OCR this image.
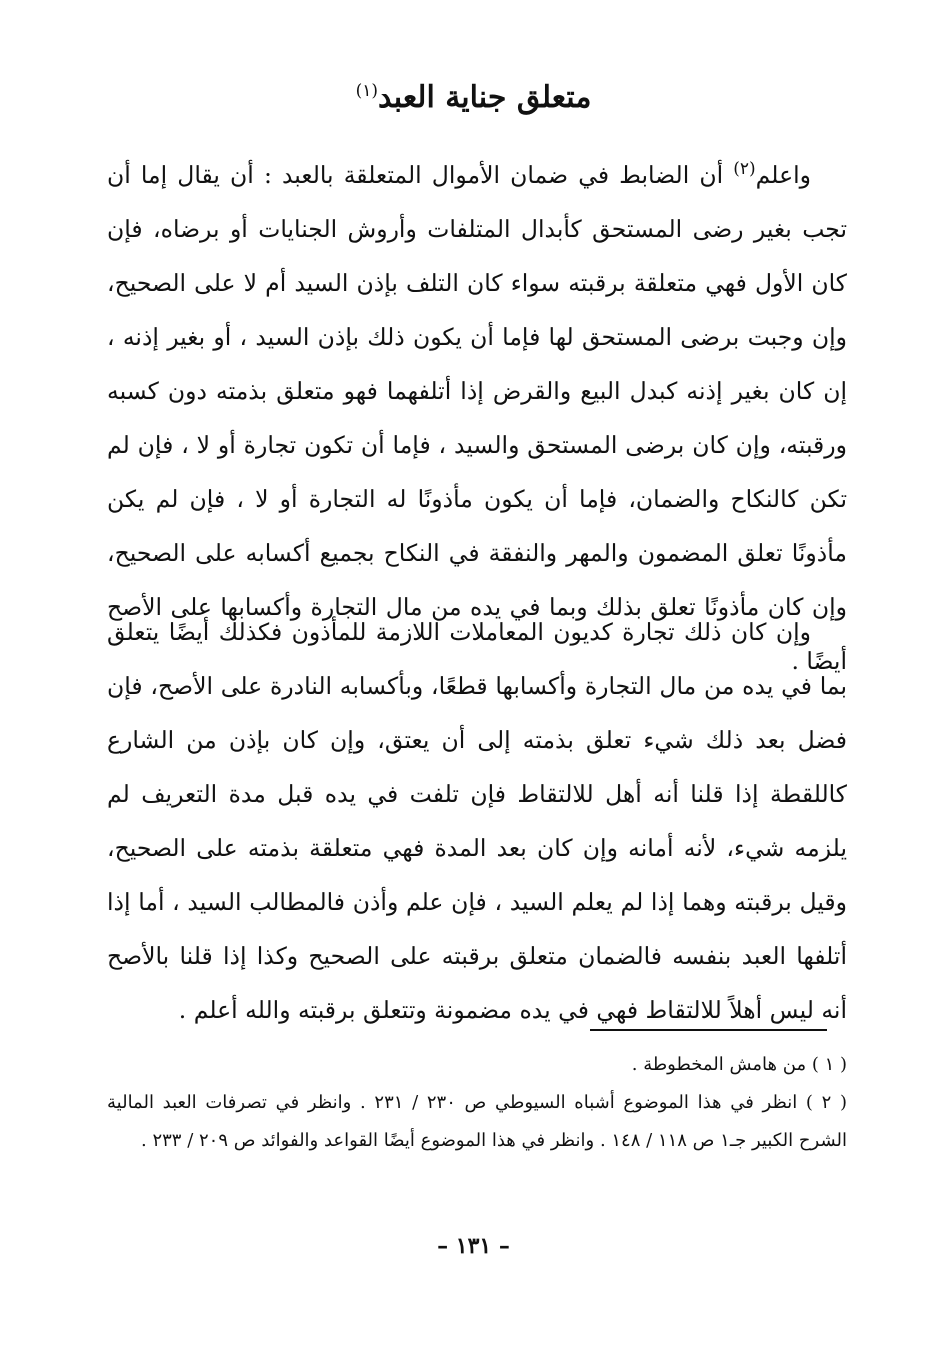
متعلق جناية العبد$^{(١)}$

واعلم$^{(٢)}$ أن الضابط في ضمان الأموال المتعلقة بالعبد : أن يقال إما أن تجب بغير رضى المستحق كأبدال المتلفات وأروش الجنايات أو برضاه، فإن كان الأول فهي متعلقة برقبته سواء كان التلف بإذن السيد أم لا على الصحيح، وإن وجبت برضى المستحق لها فإما أن يكون ذلك بإذن السيد ، أو بغير إذنه ، إن كان بغير إذنه كبدل البيع والقرض إذا أتلفهما فهو متعلق بذمته دون كسبه ورقبته، وإن كان برضى المستحق والسيد ، فإما أن تكون تجارة أو لا ، فإن لم تكن كالنكاح والضمان، فإما أن يكون مأذونًا له التجارة أو لا ، فإن لم يكن مأذونًا تعلق المضمون والمهر والنفقة في النكاح بجميع أكسابه على الصحيح، وإن كان مأذونًا تعلق بذلك وبما في يده من مال التجارة وأكسابها على الأصح أيضًا .

وإن كان ذلك تجارة كديون المعاملات اللازمة للمأذون فكذلك أيضًا يتعلق بما في يده من مال التجارة وأكسابها قطعًا، وبأكسابه النادرة على الأصح، فإن فضل بعد ذلك شيء تعلق بذمته إلى أن يعتق، وإن كان بإذن من الشارع كاللقطة إذا قلنا أنه أهل للالتقاط فإن تلفت في يده قبل مدة التعريف لم يلزمه شيء، لأنه أمانه وإن كان بعد المدة فهي متعلقة بذمته على الصحيح، وقيل برقبته وهما إذا لم يعلم السيد ، فإن علم وأذن فالمطالب السيد ، أما إذا أتلفها العبد بنفسه فالضمان متعلق برقبته على الصحيح وكذا إذا قلنا بالأصح أنه ليس أهلاً للالتقاط فهي في يده مضمونة وتتعلق برقبته والله أعلم .

( ١ ) من هامش المخطوطة .

( ٢ ) انظر في هذا الموضوع أشباه السيوطي ص ٢٣٠ / ٢٣١ . وانظر في تصرفات العبد المالية الشرح الكبير جـ١ ص ١١٨ / ١٤٨ . وانظر في هذا الموضوع أيضًا القواعد والفوائد ص ٢٠٩ / ٢٣٣ .

– ١٣١ –
